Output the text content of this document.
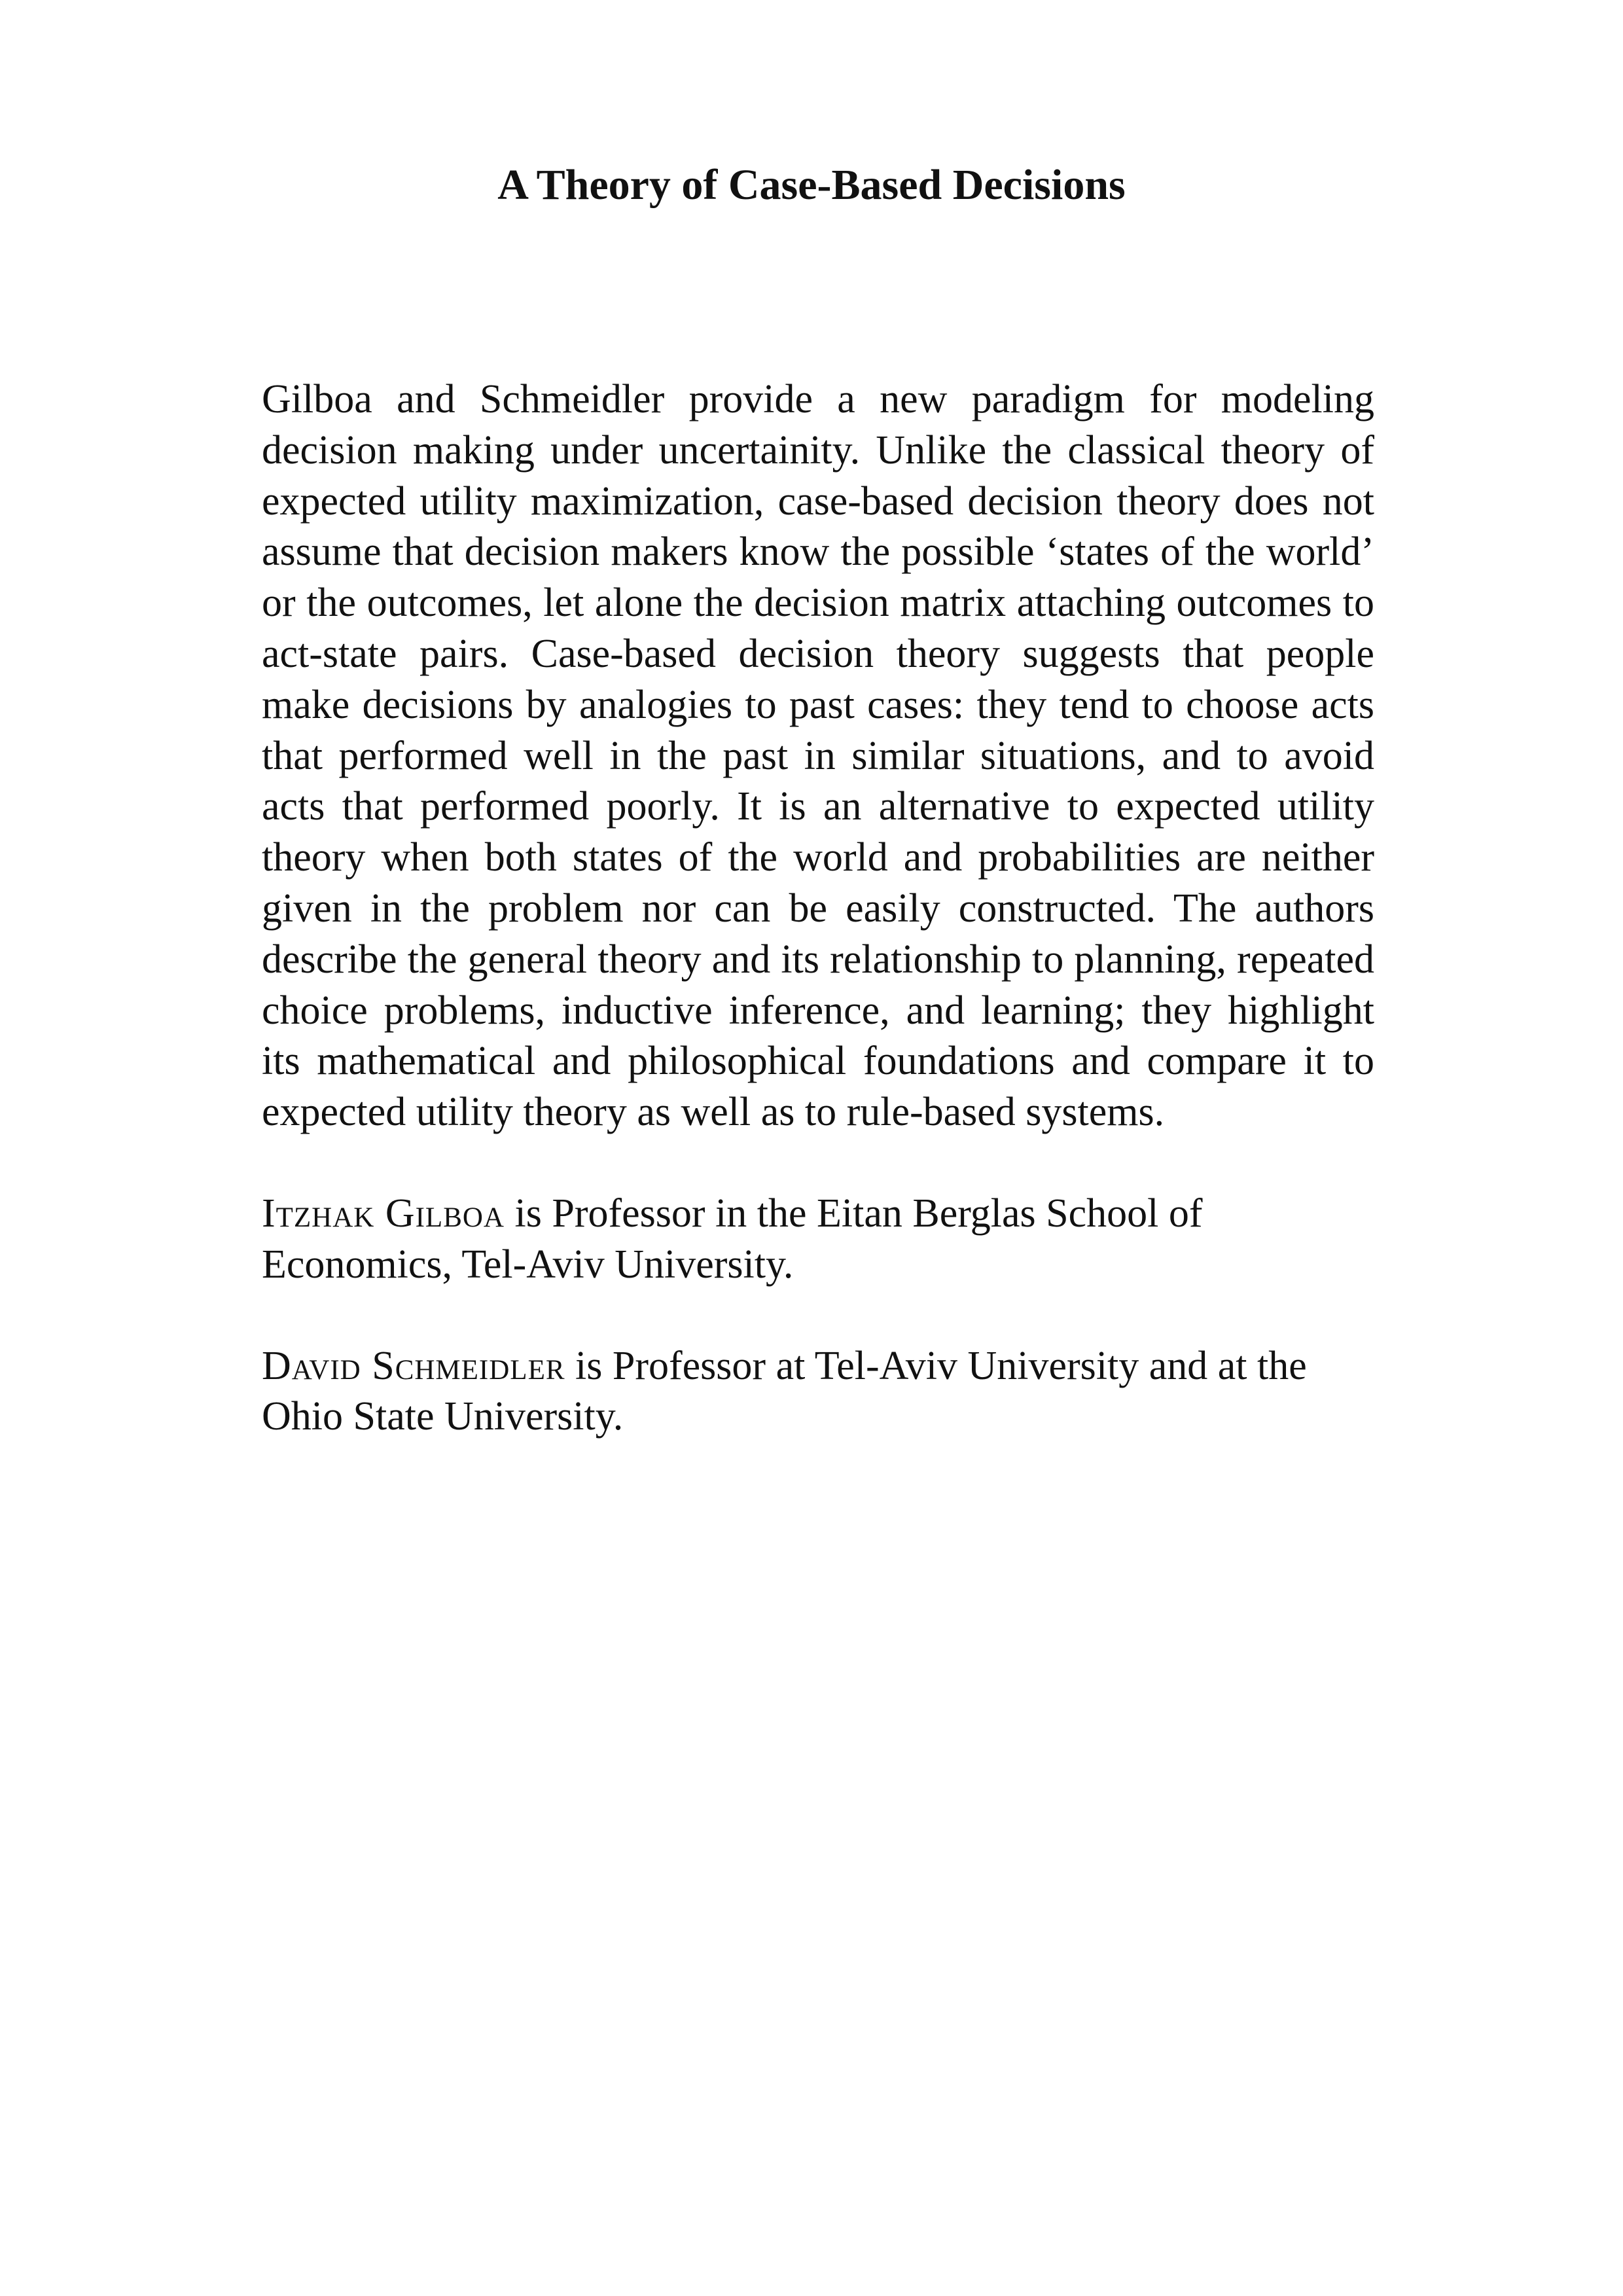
A Theory of Case-Based Decisions

Gilboa and Schmeidler provide a new paradigm for modeling decision making under uncertainity. Unlike the classical theory of expected utility maximization, case-based decision theory does not assume that decision makers know the possible ‘states of the world’ or the outcomes, let alone the decision matrix attaching outcomes to act-state pairs. Case-based decision theory suggests that people make decisions by analogies to past cases: they tend to choose acts that performed well in the past in similar situations, and to avoid acts that performed poorly. It is an alternative to expected utility theory when both states of the world and probabilities are neither given in the problem nor can be easily constructed. The authors describe the general theory and its relationship to planning, repeated choice problems, inductive inference, and learning; they highlight its mathematical and philosophical foundations and compare it to expected utility theory as well as to rule-based systems.

Itzhak Gilboa is Professor in the Eitan Berglas School of Economics, Tel-Aviv University.

David Schmeidler is Professor at Tel-Aviv University and at the Ohio State University.
